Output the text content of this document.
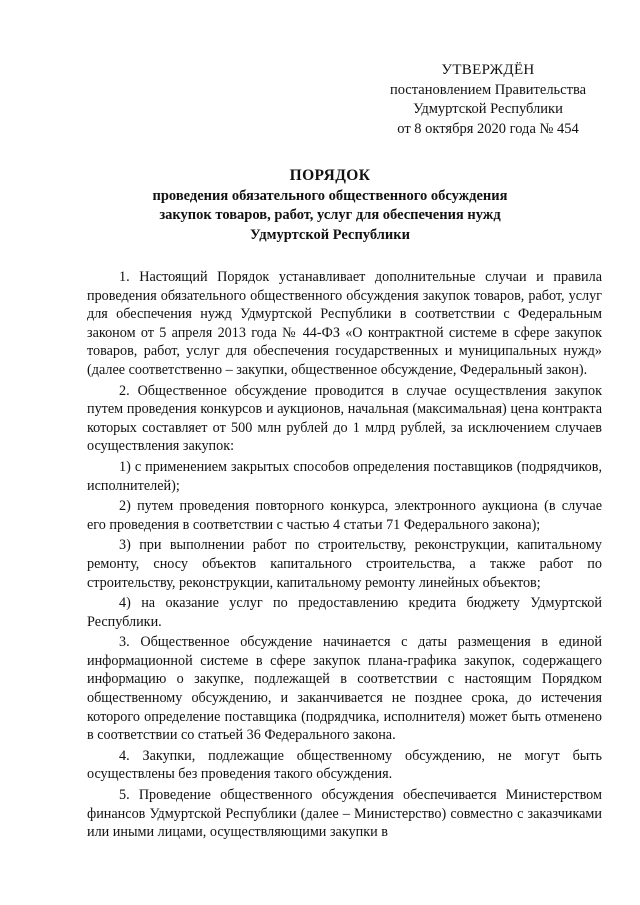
УТВЕРЖДЁН
постановлением Правительства
Удмуртской Республики
от 8 октября 2020 года № 454
ПОРЯДОК
проведения обязательного общественного обсуждения
закупок товаров, работ, услуг для обеспечения нужд
Удмуртской Республики

1. Настоящий Порядок устанавливает дополнительные случаи и правила проведения обязательного общественного обсуждения закупок товаров, работ, услуг для обеспечения нужд Удмуртской Республики в соответствии с Федеральным законом от 5 апреля 2013 года № 44-ФЗ «О контрактной системе в сфере закупок товаров, работ, услуг для обеспечения государственных и муниципальных нужд» (далее соответственно – закупки, общественное обсуждение, Федеральный закон).

2. Общественное обсуждение проводится в случае осуществления закупок путем проведения конкурсов и аукционов, начальная (максимальная) цена контракта которых составляет от 500 млн рублей до 1 млрд рублей, за исключением случаев осуществления закупок:

1) с применением закрытых способов определения поставщиков (подрядчиков, исполнителей);

2) путем проведения повторного конкурса, электронного аукциона (в случае его проведения в соответствии с частью 4 статьи 71 Федерального закона);

3) при выполнении работ по строительству, реконструкции, капитальному ремонту, сносу объектов капитального строительства, а также работ по строительству, реконструкции, капитальному ремонту линейных объектов;

4) на оказание услуг по предоставлению кредита бюджету Удмуртской Республики.

3. Общественное обсуждение начинается с даты размещения в единой информационной системе в сфере закупок плана-графика закупок, содержащего информацию о закупке, подлежащей в соответствии с настоящим Порядком общественному обсуждению, и заканчивается не позднее срока, до истечения которого определение поставщика (подрядчика, исполнителя) может быть отменено в соответствии со статьей 36 Федерального закона.

4. Закупки, подлежащие общественному обсуждению, не могут быть осуществлены без проведения такого обсуждения.

5. Проведение общественного обсуждения обеспечивается Министерством финансов Удмуртской Республики (далее – Министерство) совместно с заказчиками или иными лицами, осуществляющими закупки в
